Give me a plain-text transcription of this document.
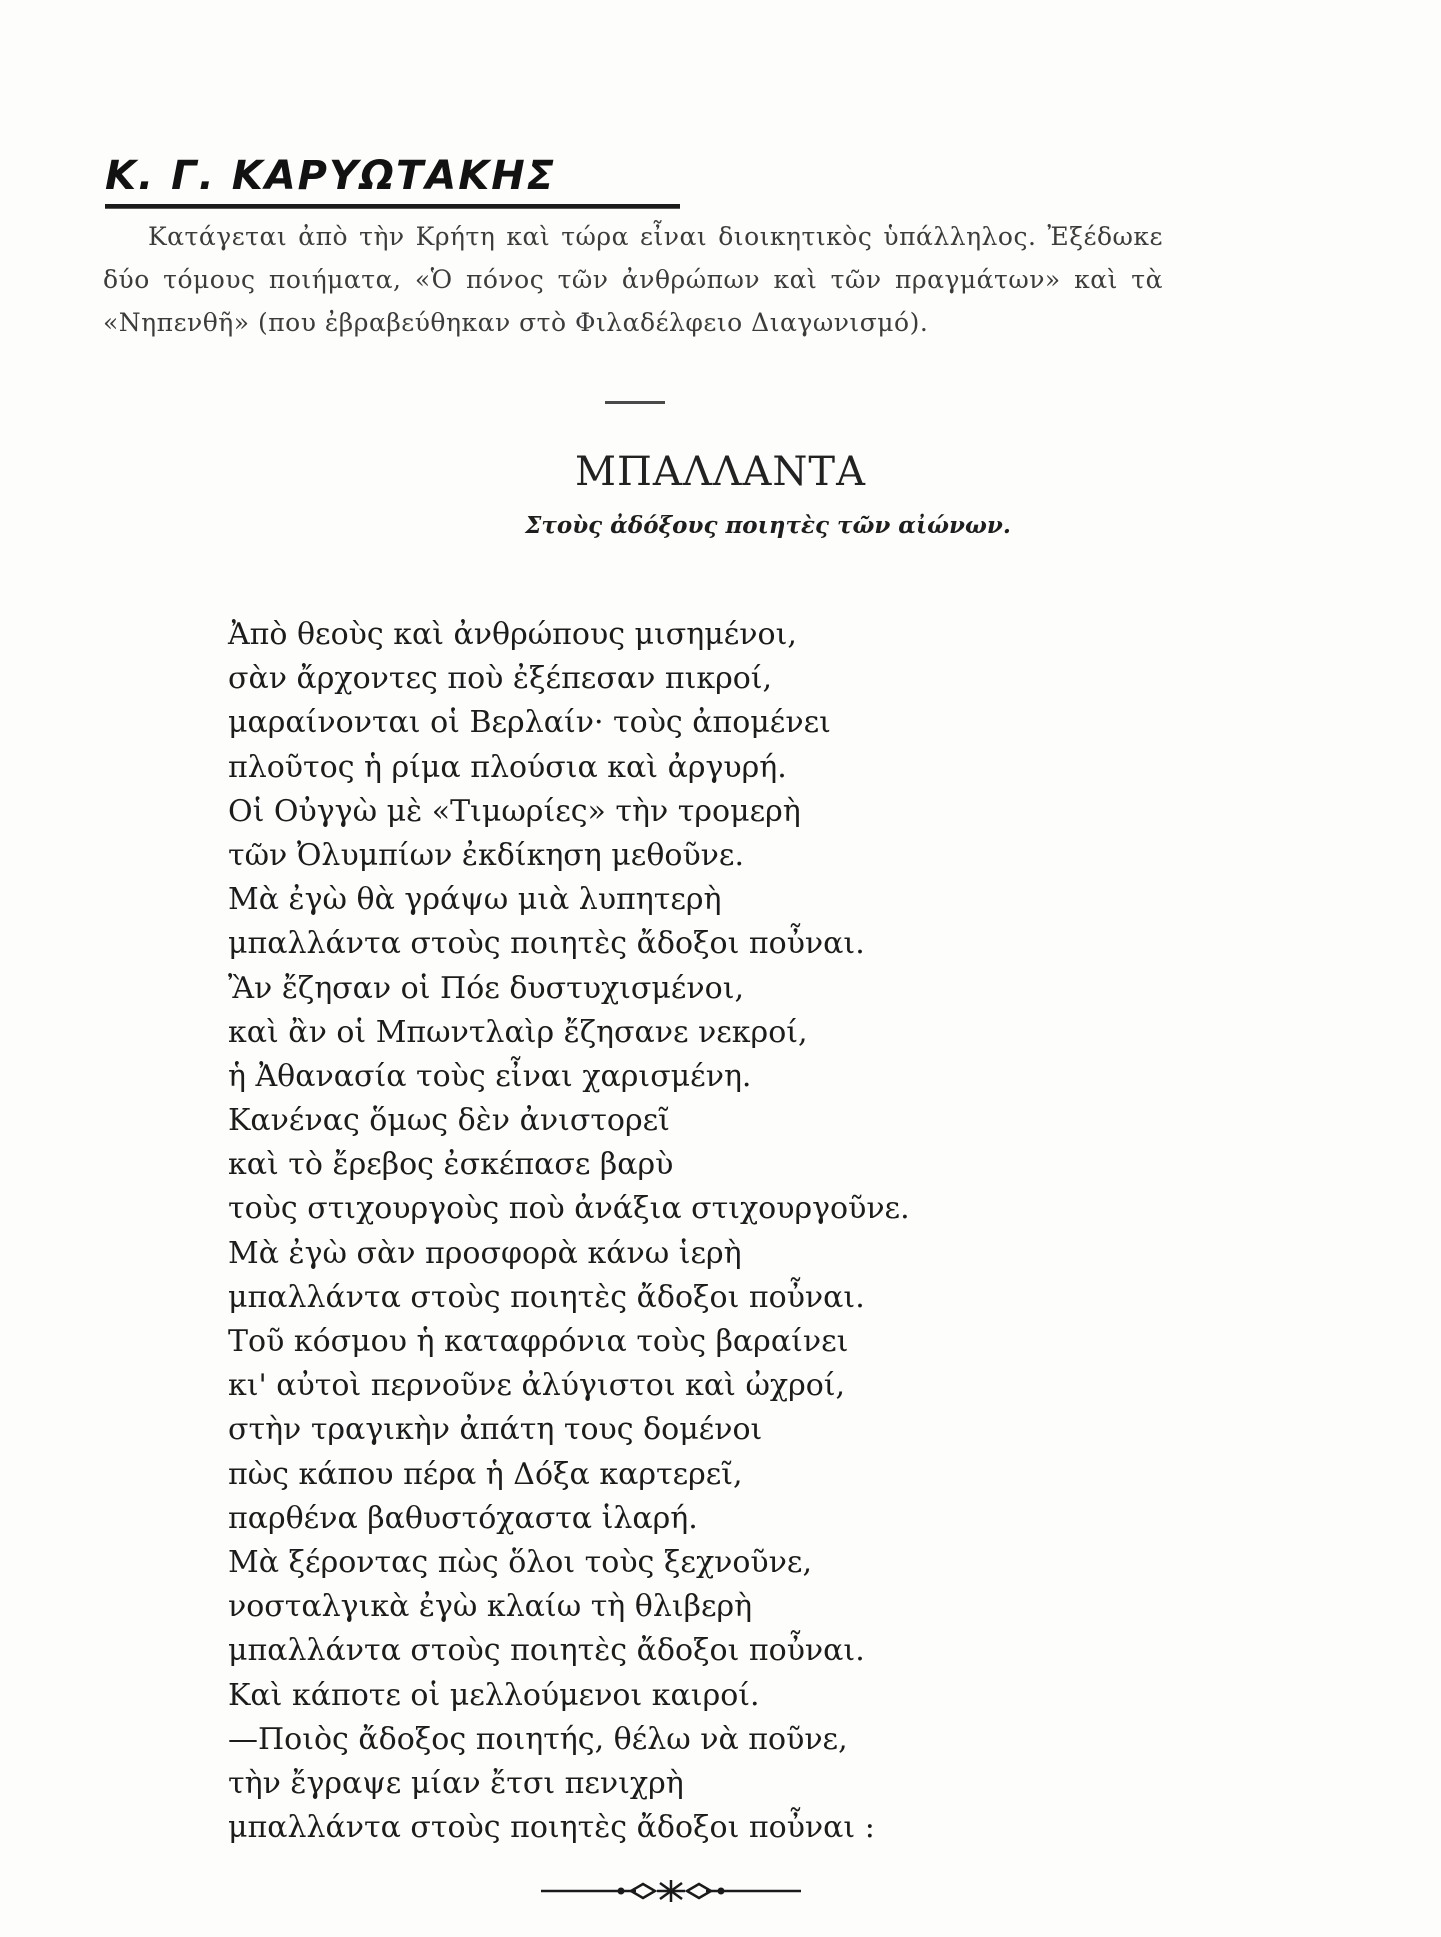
Κ. Γ. ΚΑΡΥΩΤΑΚΗΣ
Κατάγεται ἀπὸ τὴν Κρήτη καὶ τώρα εἶναι διοικητικὸς ὑπάλληλος. Ἐξέδωκε δύο τόμους ποιήματα, «Ὁ πόνος τῶν ἀνθρώπων καὶ τῶν πραγμάτων» καὶ τὰ «Νηπενθῆ» (που ἐβραβεύθηκαν στὸ Φιλαδέλφειο Διαγωνισμό).
ΜΠΑΛΛΑΝΤΑ
Στοὺς ἀδόξους ποιητὲς τῶν αἰώνων.
Ἀπὸ θεοὺς καὶ ἀνθρώπους μισημένοι,
σὰν ἄρχοντες ποὺ ἐξέπεσαν πικροί,
μαραίνονται οἱ Βερλαίν· τοὺς ἀπομένει
πλοῦτος ἡ ρίμα πλούσια καὶ ἀργυρή.
Οἱ Οὐγγὼ μὲ «Τιμωρίες» τὴν τρομερὴ
τῶν Ὀλυμπίων ἐκδίκηση μεθοῦνε.
Μὰ ἐγὼ θὰ γράψω μιὰ λυπητερὴ
μπαλλάντα στοὺς ποιητὲς ἄδοξοι ποὖναι.
Ἂν ἔζησαν οἱ Πόε δυστυχισμένοι,
καὶ ἂν οἱ Μπωντλαὶρ ἔζησανε νεκροί,
ἡ Ἀθανασία τοὺς εἶναι χαρισμένη.
Κανένας ὅμως δὲν ἀνιστορεῖ
καὶ τὸ ἔρεβος ἐσκέπασε βαρὺ
τοὺς στιχουργοὺς ποὺ ἀνάξια στιχουργοῦνε.
Μὰ ἐγὼ σὰν προσφορὰ κάνω ἱερὴ
μπαλλάντα στοὺς ποιητὲς ἄδοξοι ποὖναι.
Τοῦ κόσμου ἡ καταφρόνια τοὺς βαραίνει
κι' αὐτοὶ περνοῦνε ἀλύγιστοι καὶ ὠχροί,
στὴν τραγικὴν ἀπάτη τους δομένοι
πὼς κάπου πέρα ἡ Δόξα καρτερεῖ,
παρθένα βαθυστόχαστα ἱλαρή.
Μὰ ξέροντας πὼς ὅλοι τοὺς ξεχνοῦνε,
νοσταλγικὰ ἐγὼ κλαίω τὴ θλιβερὴ
μπαλλάντα στοὺς ποιητὲς ἄδοξοι ποὖναι.
Καὶ κάποτε οἱ μελλούμενοι καιροί.
—Ποιὸς ἄδοξος ποιητής, θέλω νὰ ποῦνε,
τὴν ἔγραψε μίαν ἔτσι πενιχρὴ
μπαλλάντα στοὺς ποιητὲς ἄδοξοι ποὖναι :
